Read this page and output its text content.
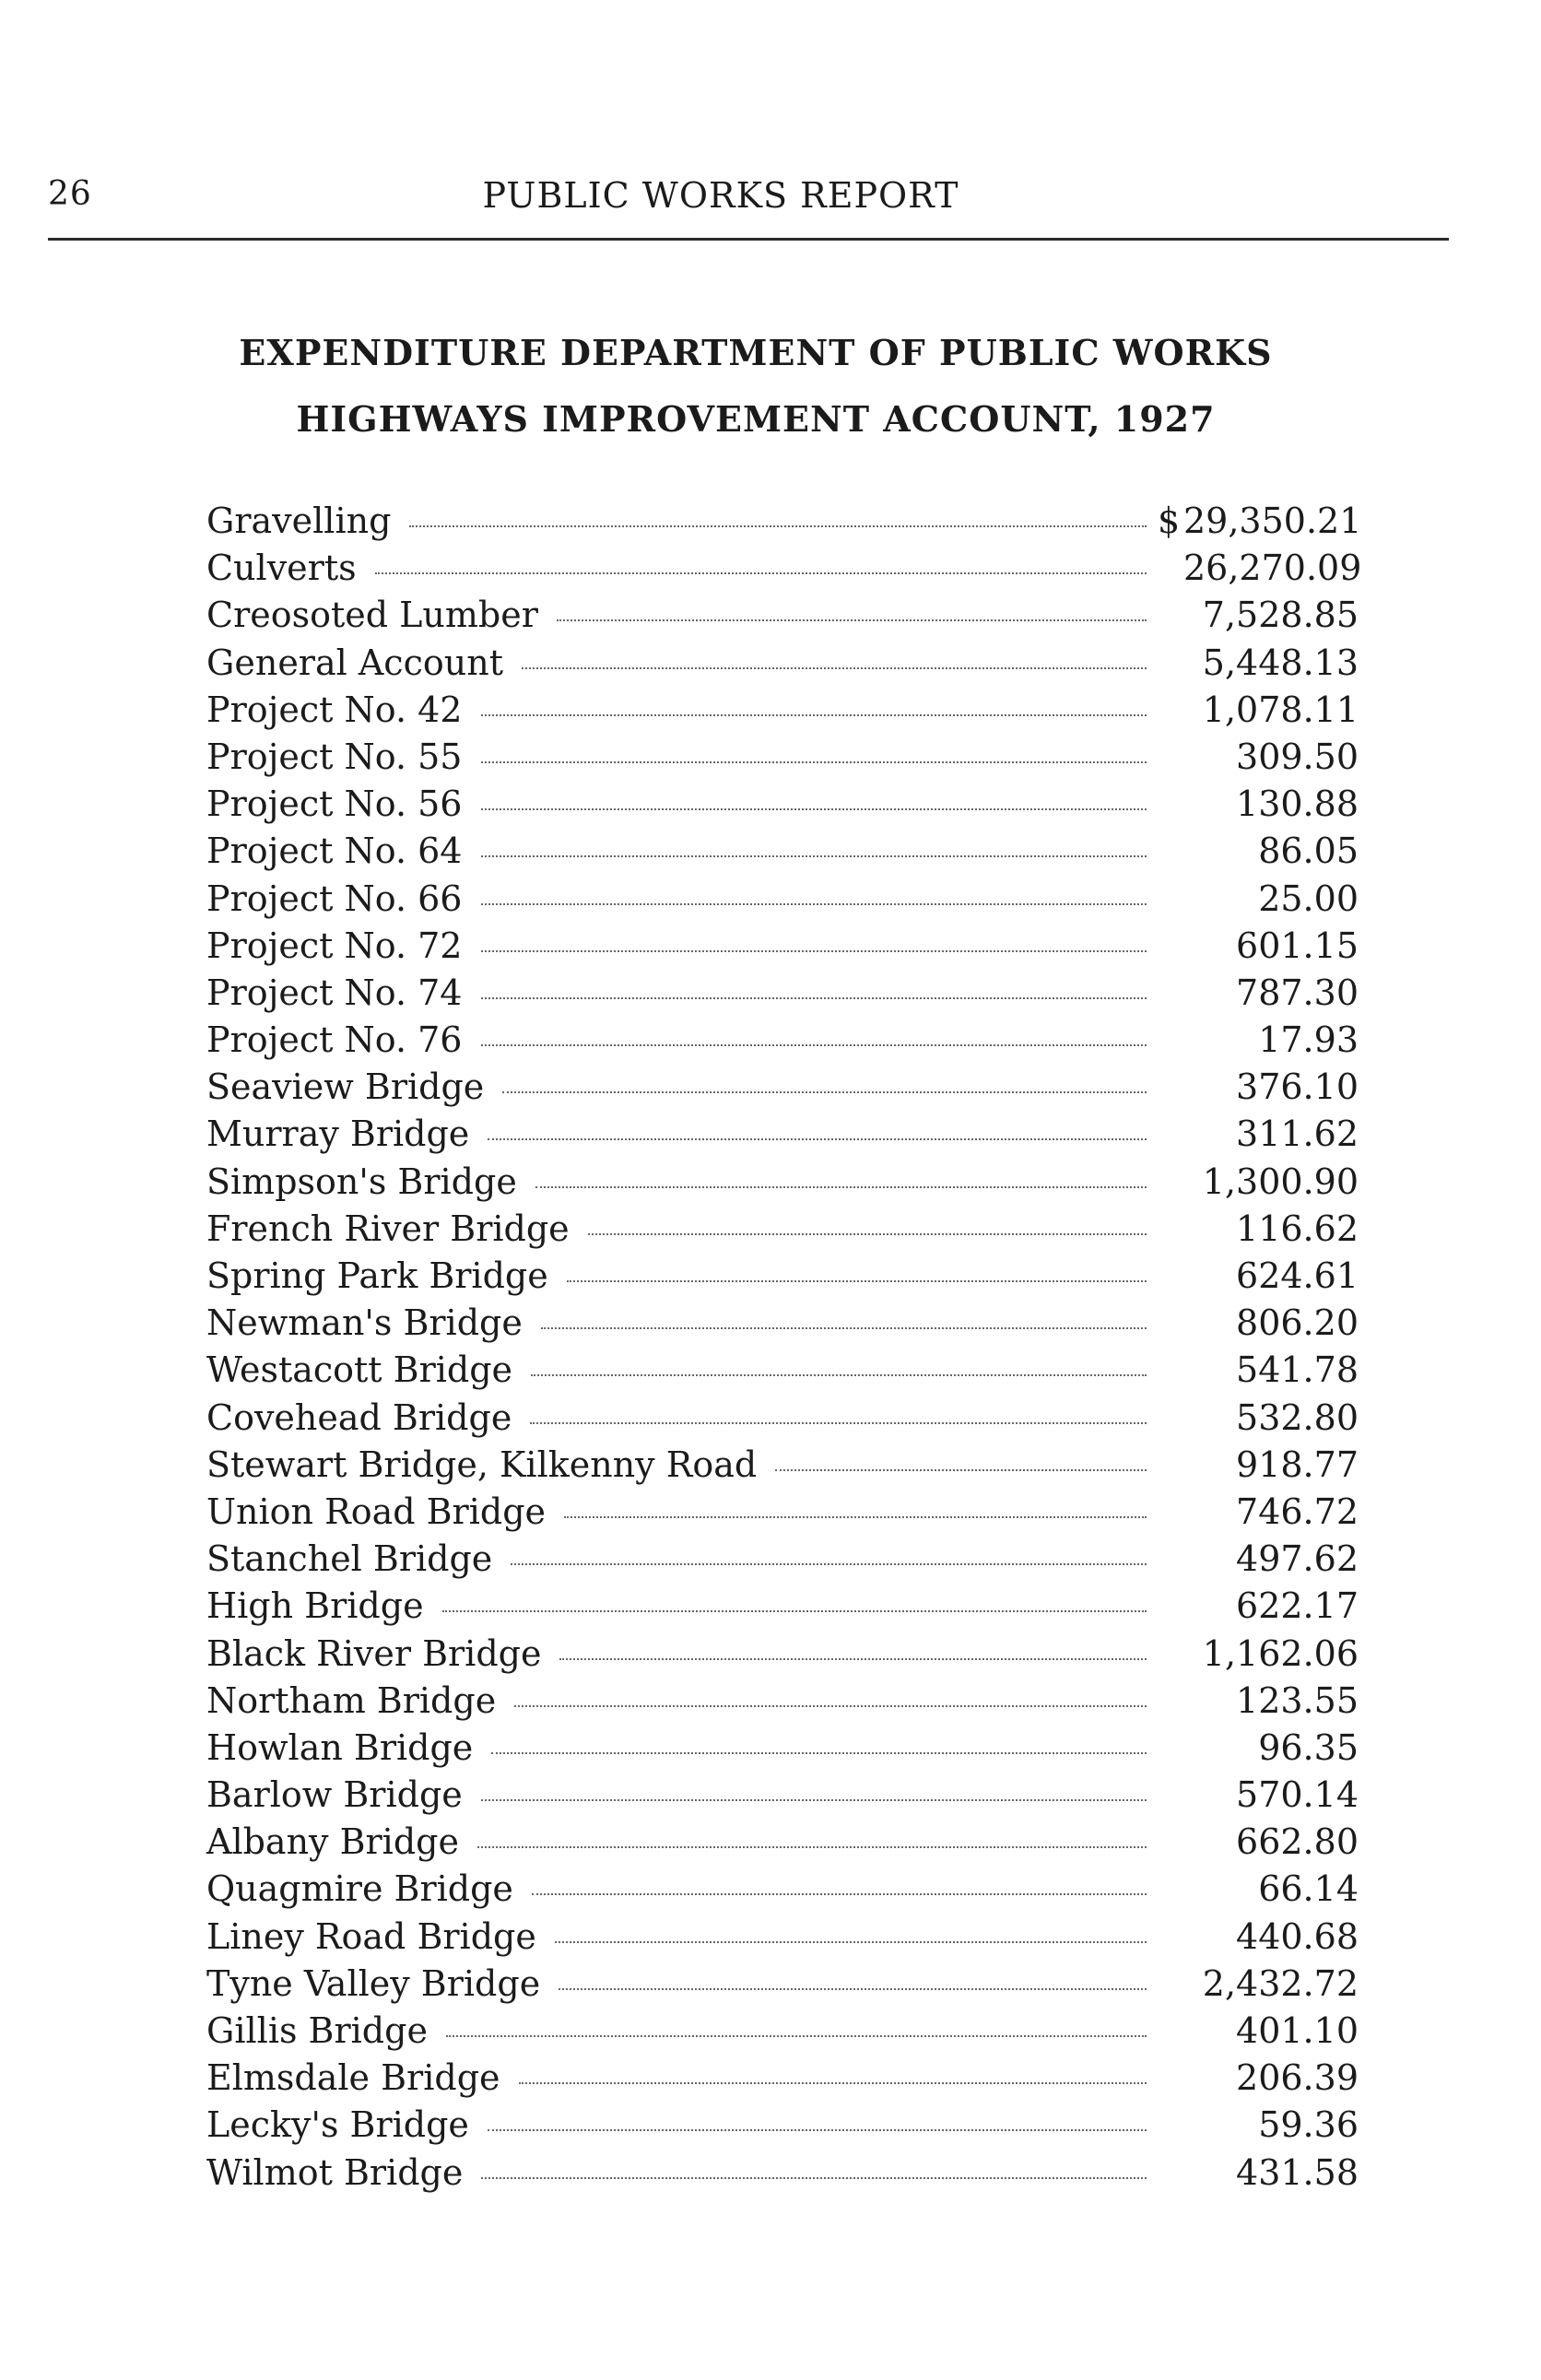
26	PUBLIC WORKS REPORT
EXPENDITURE DEPARTMENT OF PUBLIC WORKS
HIGHWAYS IMPROVEMENT ACCOUNT, 1927
Gravelling	$ 29,350.21
Culverts	26,270.09
Creosoted Lumber	7,528.85
General Account	5,448.13
Project No. 42	1,078.11
Project No. 55	309.50
Project No. 56	130.88
Project No. 64	86.05
Project No. 66	25.00
Project No. 72	601.15
Project No. 74	787.30
Project No. 76	17.93
Seaview Bridge	376.10
Murray Bridge	311.62
Simpson's Bridge	1,300.90
French River Bridge	116.62
Spring Park Bridge	624.61
Newman's Bridge	806.20
Westacott Bridge	541.78
Covehead Bridge	532.80
Stewart Bridge, Kilkenny Road	918.77
Union Road Bridge	746.72
Stanchel Bridge	497.62
High Bridge	622.17
Black River Bridge	1,162.06
Northam Bridge	123.55
Howlan Bridge	96.35
Barlow Bridge	570.14
Albany Bridge	662.80
Quagmire Bridge	66.14
Liney Road Bridge	440.68
Tyne Valley Bridge	2,432.72
Gillis Bridge	401.10
Elmsdale Bridge	206.39
Lecky's Bridge	59.36
Wilmot Bridge	431.58
